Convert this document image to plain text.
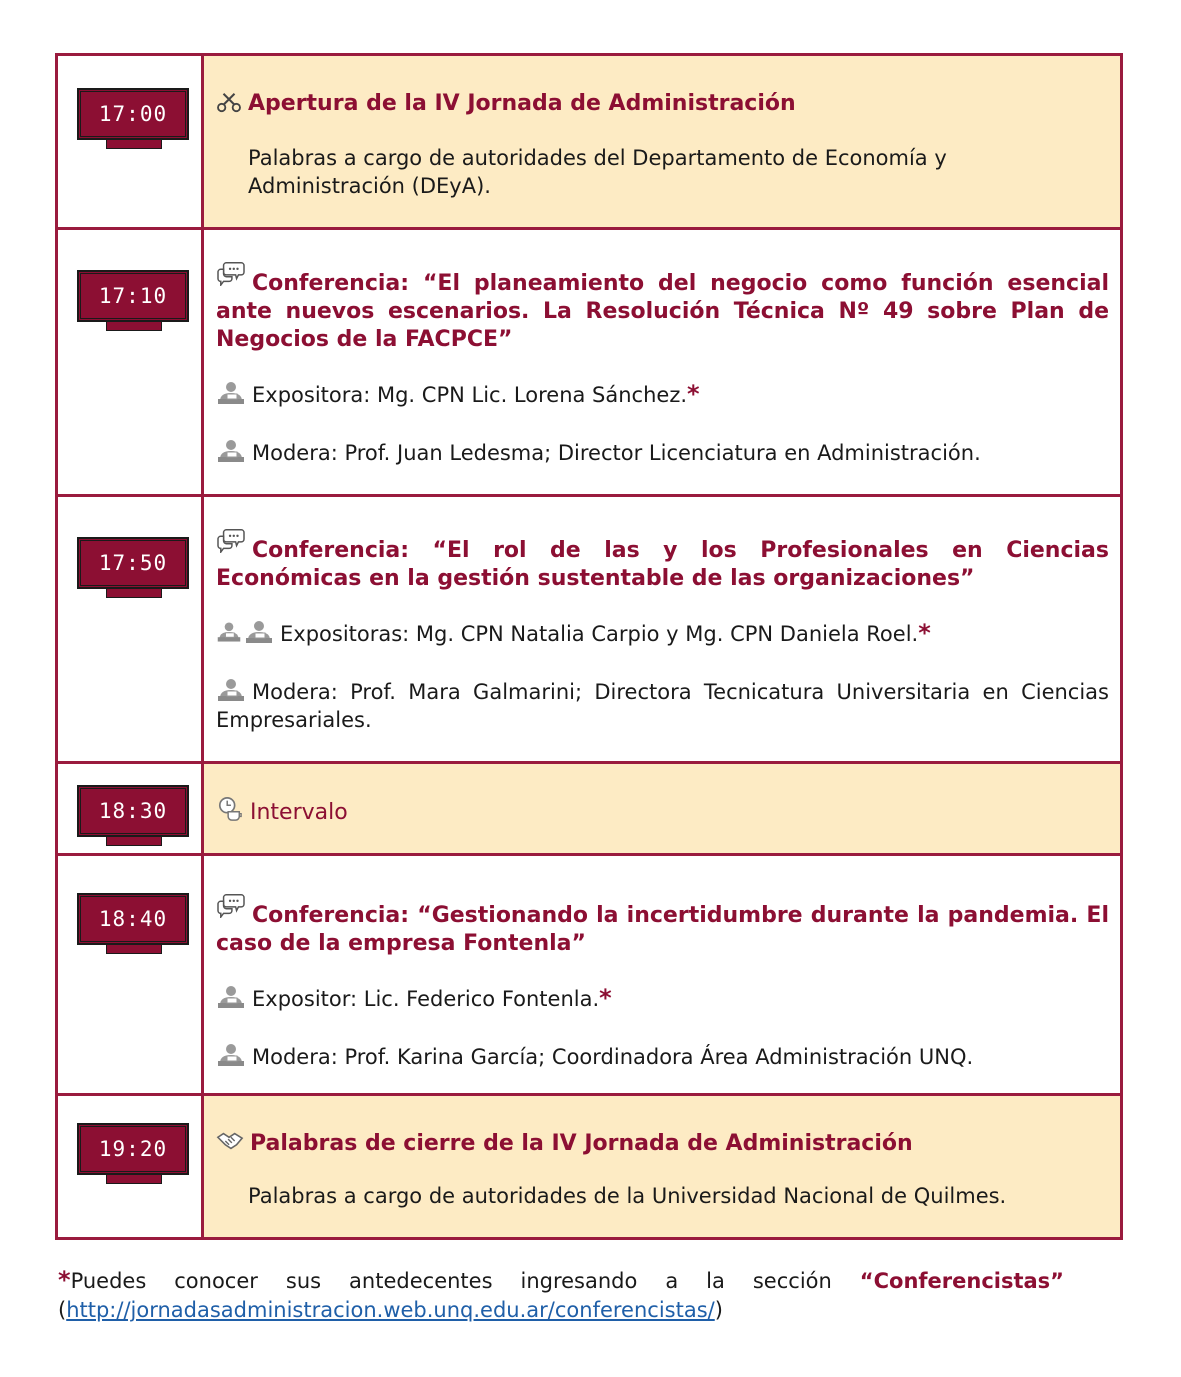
17:00	Apertura de la IV Jornada de Administración

Palabras a cargo de autoridades del Departamento de Economía y Administración (DEyA).

17:10	Conferencia: “El planeamiento del negocio como función esencial ante nuevos escenarios. La Resolución Técnica Nº 49 sobre Plan de Negocios de la FACPCE”

Expositora: Mg. CPN Lic. Lorena Sánchez.*

Modera: Prof. Juan Ledesma; Director Licenciatura en Administración.

17:50	Conferencia: “El rol de las y los Profesionales en Ciencias Económicas en la gestión sustentable de las organizaciones”

Expositoras: Mg. CPN Natalia Carpio y Mg. CPN Daniela Roel.*

Modera: Prof. Mara Galmarini; Directora Tecnicatura Universitaria en Ciencias Empresariales.

18:30	Intervalo

18:40	Conferencia: “Gestionando la incertidumbre durante la pandemia. El caso de la empresa Fontenla”

Expositor: Lic. Federico Fontenla.*

Modera: Prof. Karina García; Coordinadora Área Administración UNQ.

19:20	Palabras de cierre de la IV Jornada de Administración

Palabras a cargo de autoridades de la Universidad Nacional de Quilmes.

*Puedes conocer sus antedecentes ingresando a la sección “Conferencistas”
(http://jornadasadministracion.web.unq.edu.ar/conferencistas/)
